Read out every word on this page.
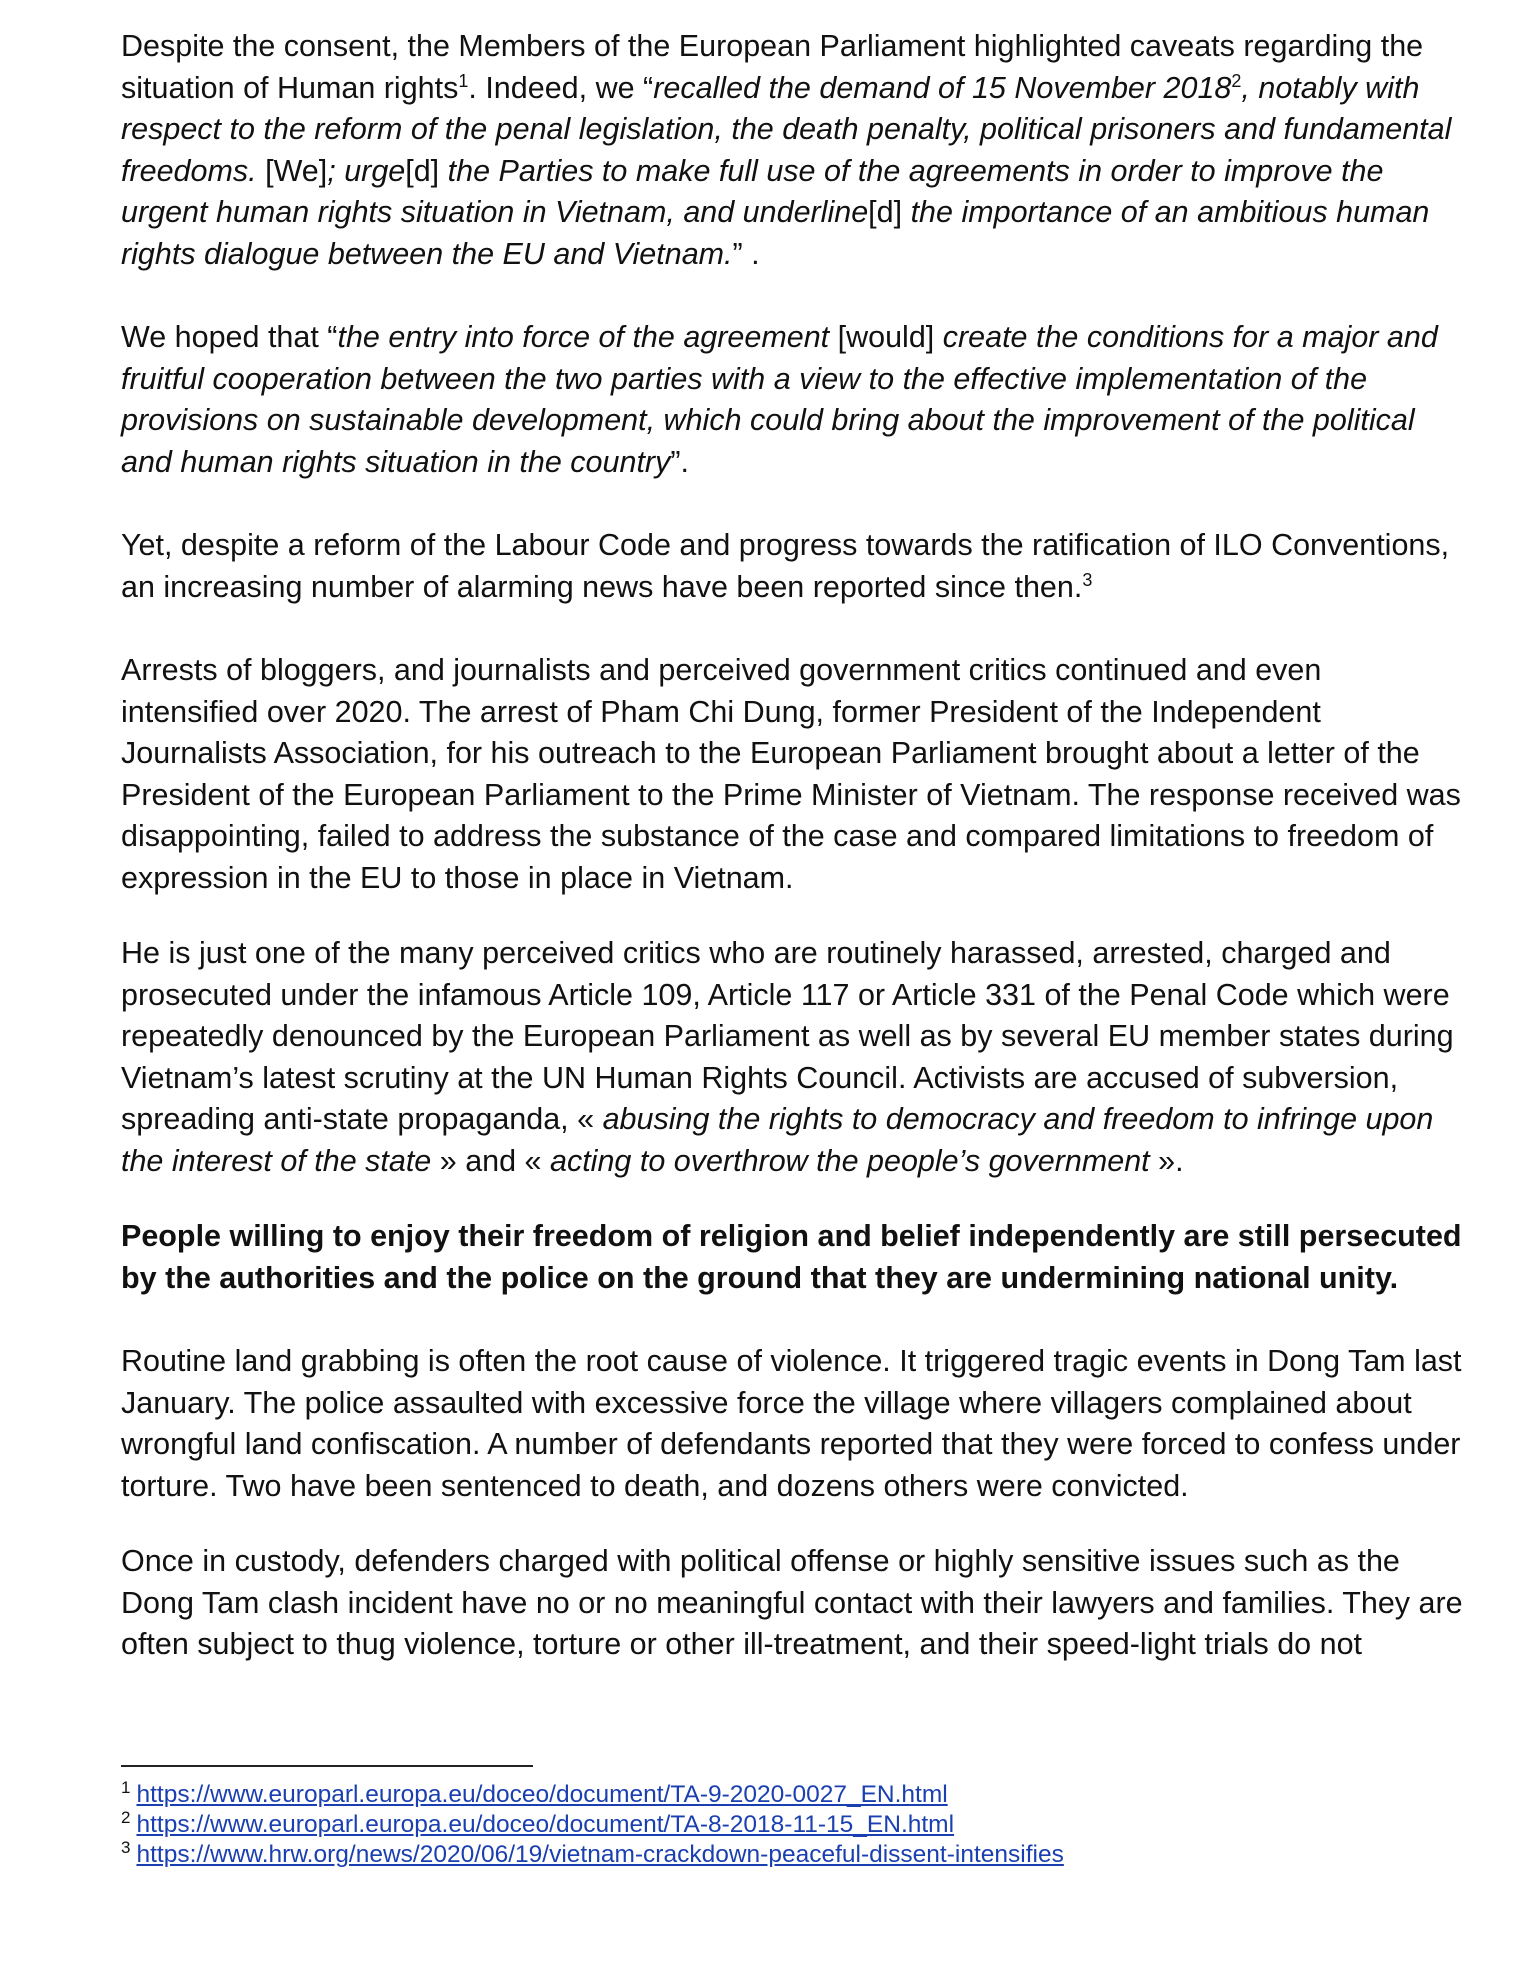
Despite the consent, the Members of the European Parliament highlighted caveats regarding the situation of Human rights$^1$. Indeed, we “recalled the demand of 15 November 2018$^2$, notably with respect to the reform of the penal legislation, the death penalty, political prisoners and fundamental freedoms. [We]; urge[d] the Parties to make full use of the agreements in order to improve the urgent human rights situation in Vietnam, and underline[d] the importance of an ambitious human rights dialogue between the EU and Vietnam.” .

We hoped that “the entry into force of the agreement [would] create the conditions for a major and fruitful cooperation between the two parties with a view to the effective implementation of the provisions on sustainable development, which could bring about the improvement of the political and human rights situation in the country”.

Yet, despite a reform of the Labour Code and progress towards the ratification of ILO Conventions, an increasing number of alarming news have been reported since then.$^3$

Arrests of bloggers, and journalists and perceived government critics continued and even intensified over 2020. The arrest of Pham Chi Dung, former President of the Independent Journalists Association, for his outreach to the European Parliament brought about a letter of the President of the European Parliament to the Prime Minister of Vietnam. The response received was disappointing, failed to address the substance of the case and compared limitations to freedom of expression in the EU to those in place in Vietnam.

He is just one of the many perceived critics who are routinely harassed, arrested, charged and prosecuted under the infamous Article 109, Article 117 or Article 331 of the Penal Code which were repeatedly denounced by the European Parliament as well as by several EU member states during Vietnam’s latest scrutiny at the UN Human Rights Council. Activists are accused of subversion, spreading anti-state propaganda, « abusing the rights to democracy and freedom to infringe upon the interest of the state » and « acting to overthrow the people’s government ».

People willing to enjoy their freedom of religion and belief independently are still persecuted by the authorities and the police on the ground that they are undermining national unity.

Routine land grabbing is often the root cause of violence. It triggered tragic events in Dong Tam last January. The police assaulted with excessive force the village where villagers complained about wrongful land confiscation. A number of defendants reported that they were forced to confess under torture. Two have been sentenced to death, and dozens others were convicted.

Once in custody, defenders charged with political offense or highly sensitive issues such as the Dong Tam clash incident have no or no meaningful contact with their lawyers and families. They are often subject to thug violence, torture or other ill-treatment, and their speed-light trials do not

$^1$ https://www.europarl.europa.eu/doceo/document/TA-9-2020-0027_EN.html
$^2$ https://www.europarl.europa.eu/doceo/document/TA-8-2018-11-15_EN.html
$^3$ https://www.hrw.org/news/2020/06/19/vietnam-crackdown-peaceful-dissent-intensifies
